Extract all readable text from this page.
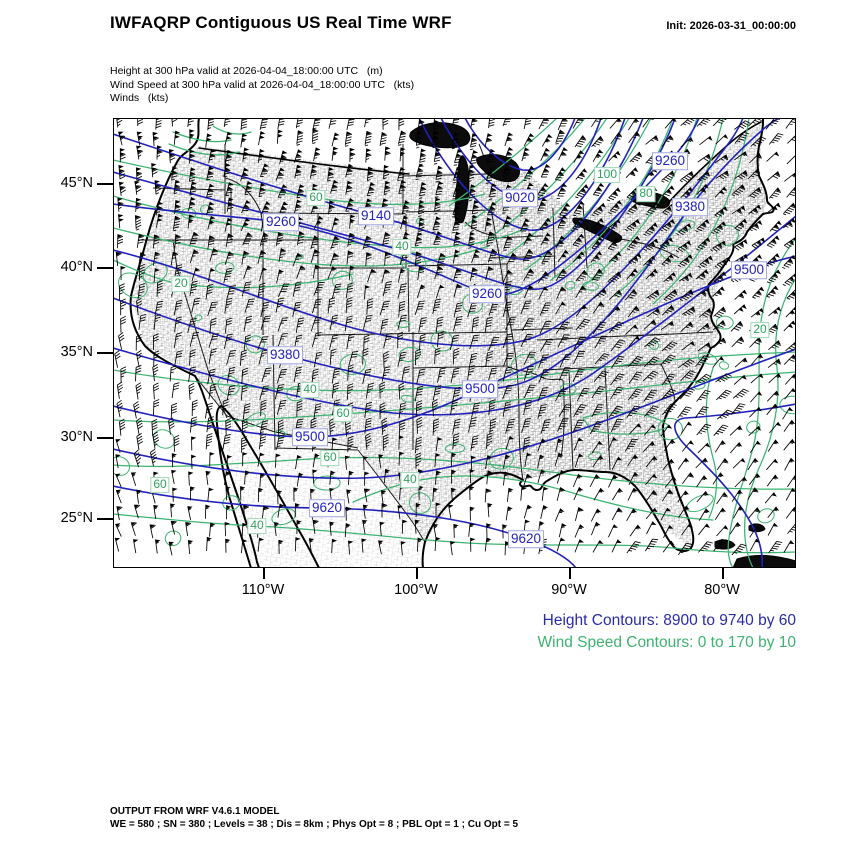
IWFAQRP Contiguous US Real Time WRF	Init: 2026-03-31_00:00:00
Height at 300 hPa valid at 2026-04-04_18:00:00 UTC   (m)
Wind Speed at 300 hPa valid at 2026-04-04_18:00:00 UTC   (kts)
Winds   (kts)
9020
9140
9260
9260
9260
9380
9380
9500
9500
9500
9620
9620
100
80
60
40
20
20
40
60
60
60
40
40
Height Contours: 8900 to 9740 by 60
Wind Speed Contours: 0 to 170 by 10
OUTPUT FROM WRF V4.6.1 MODEL
WE = 580 ; SN = 380 ; Levels = 38 ; Dis = 8km ; Phys Opt = 8 ; PBL Opt = 1 ; Cu Opt = 5
45°N
40°N
35°N
30°N
25°N
110°W	100°W	90°W	80°W
